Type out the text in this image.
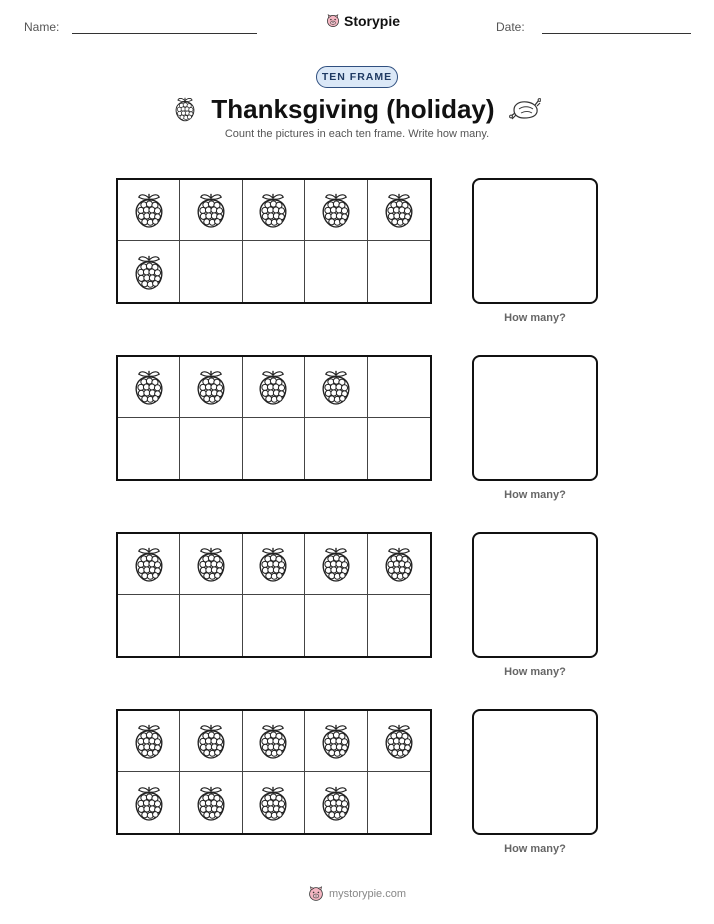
Name:	Storypie	Date:
TEN FRAME
Thanksgiving (holiday)
Count the pictures in each ten frame. Write how many.
How many?
How many?
How many?
How many?
mystorypie.com
